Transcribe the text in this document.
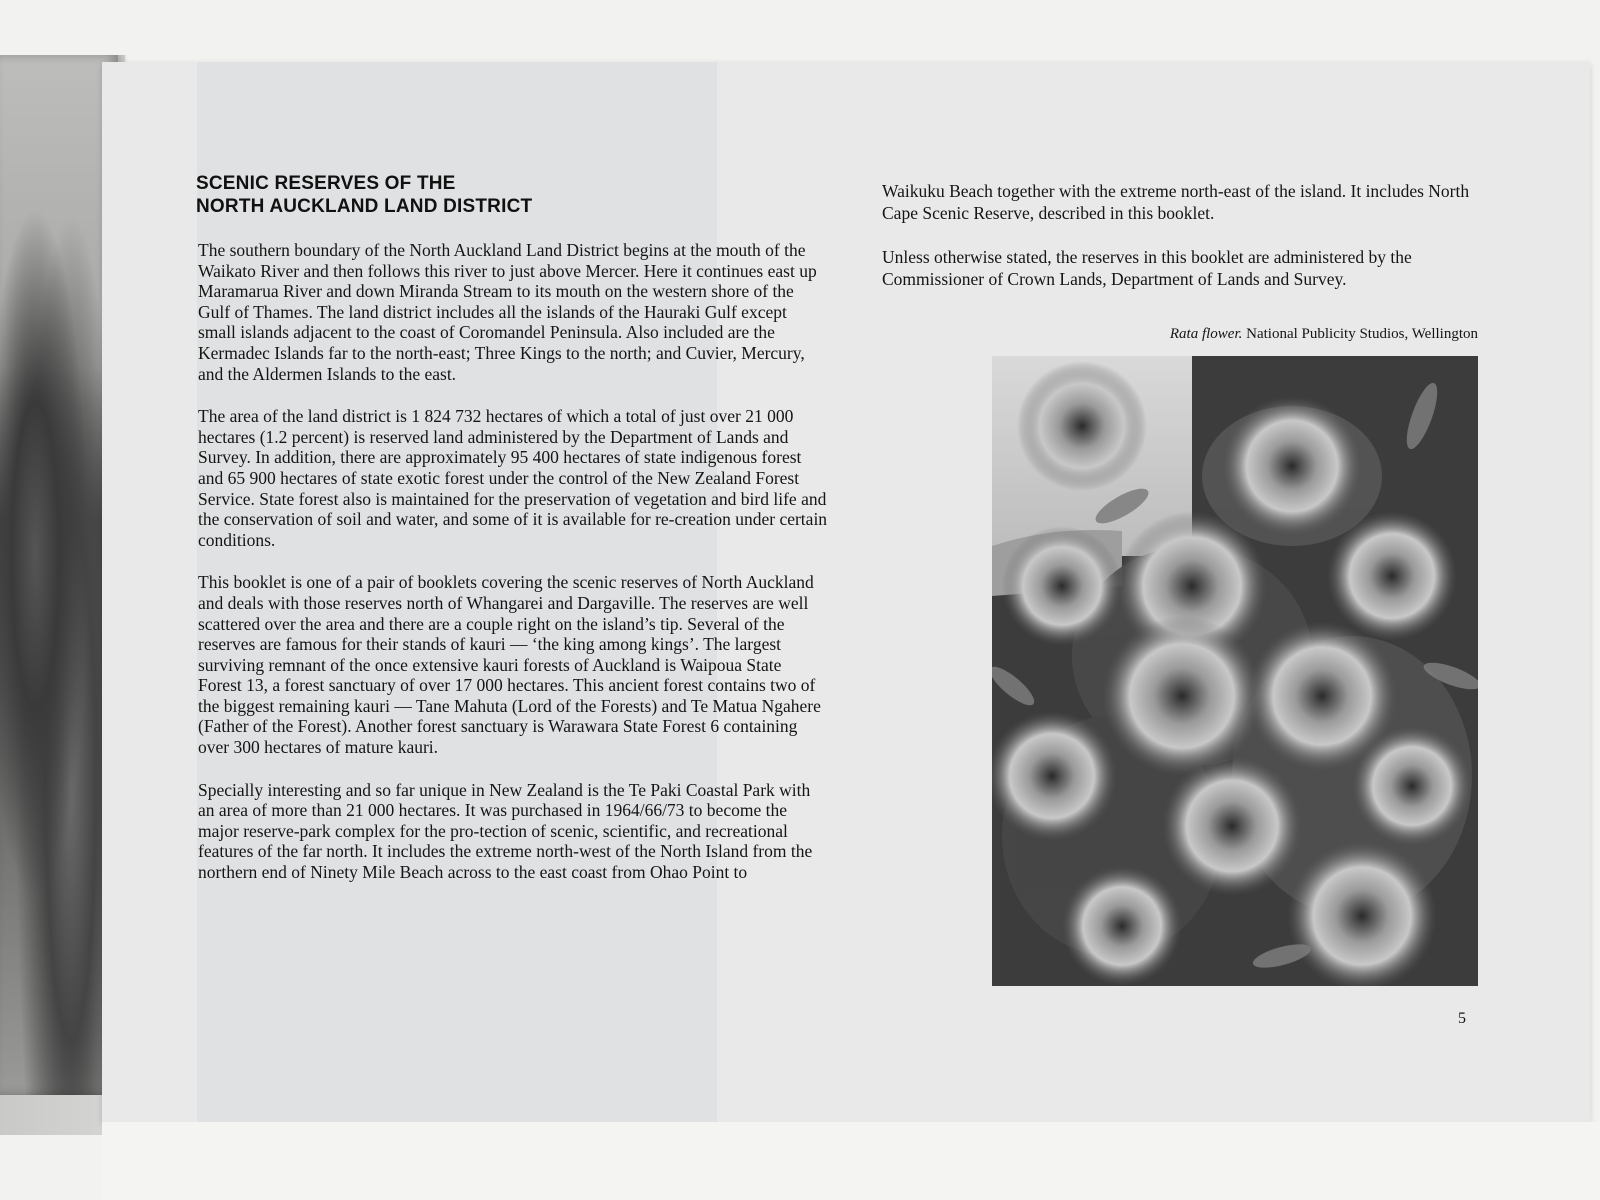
SCENIC RESERVES OF THE
NORTH AUCKLAND LAND DISTRICT

The southern boundary of the North Auckland Land District begins at the mouth of the Waikato River and then follows this river to just above Mercer. Here it continues east up Maramarua River and down Miranda Stream to its mouth on the western shore of the Gulf of Thames. The land district includes all the islands of the Hauraki Gulf except small islands adjacent to the coast of Coromandel Peninsula. Also included are the Kermadec Islands far to the north-east; Three Kings to the north; and Cuvier, Mercury, and the Aldermen Islands to the east.

The area of the land district is 1 824 732 hectares of which a total of just over 21 000 hectares (1.2 percent) is reserved land administered by the Department of Lands and Survey. In addition, there are approximately 95 400 hectares of state indigenous forest and 65 900 hectares of state exotic forest under the control of the New Zealand Forest Service. State forest also is maintained for the preservation of vegetation and bird life and the conservation of soil and water, and some of it is available for re-creation under certain conditions.

This booklet is one of a pair of booklets covering the scenic reserves of North Auckland and deals with those reserves north of Whangarei and Dargaville. The reserves are well scattered over the area and there are a couple right on the island’s tip. Several of the reserves are famous for their stands of kauri — ‘the king among kings’. The largest surviving remnant of the once extensive kauri forests of Auckland is Waipoua State Forest 13, a forest sanctuary of over 17 000 hectares. This ancient forest contains two of the biggest remaining kauri — Tane Mahuta (Lord of the Forests) and Te Matua Ngahere (Father of the Forest). Another forest sanctuary is Warawara State Forest 6 containing over 300 hectares of mature kauri.

Specially interesting and so far unique in New Zealand is the Te Paki Coastal Park with an area of more than 21 000 hectares. It was purchased in 1964/66/73 to become the major reserve-park complex for the pro-tection of scenic, scientific, and recreational features of the far north. It includes the extreme north-west of the North Island from the northern end of Ninety Mile Beach across to the east coast from Ohao Point to

Waikuku Beach together with the extreme north-east of the island. It includes North Cape Scenic Reserve, described in this booklet.

Unless otherwise stated, the reserves in this booklet are administered by the Commissioner of Crown Lands, Department of Lands and Survey.

Rata flower. National Publicity Studios, Wellington
5
